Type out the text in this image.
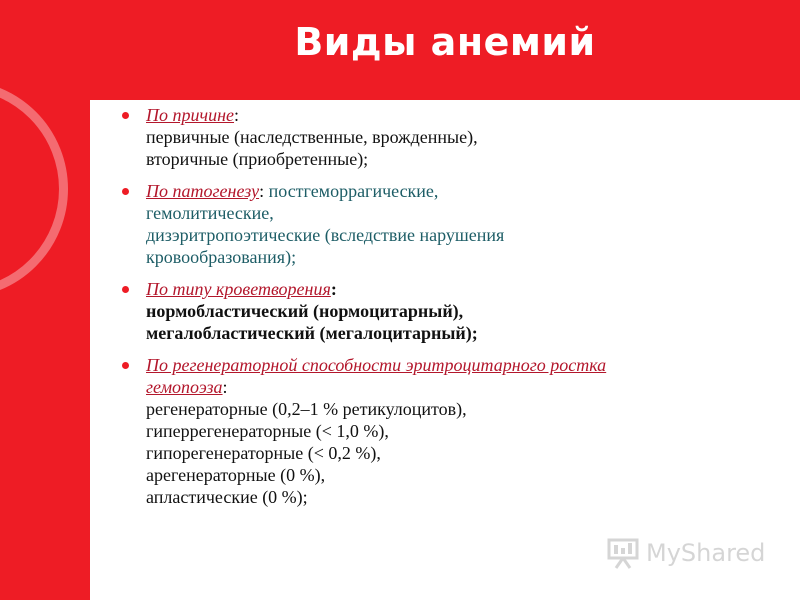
Виды анемий
По причине:
первичные (наследственные, врожденные),
вторичные (приобретенные);
По патогенезу: постгеморрагические,
гемолитические,
дизэритропоэтические (вследствие нарушения
кровообразования);
По типу кроветворения:
нормобластический (нормоцитарный),
мегалобластический (мегалоцитарный);
По регенераторной способности эритроцитарного ростка
гемопоэза:
регенераторные (0,2–1 % ретикулоцитов),
гиперрегенераторные (< 1,0 %),
гипорегенераторные (< 0,2 %),
арегенераторные (0 %),
апластические (0 %);
MyShared
